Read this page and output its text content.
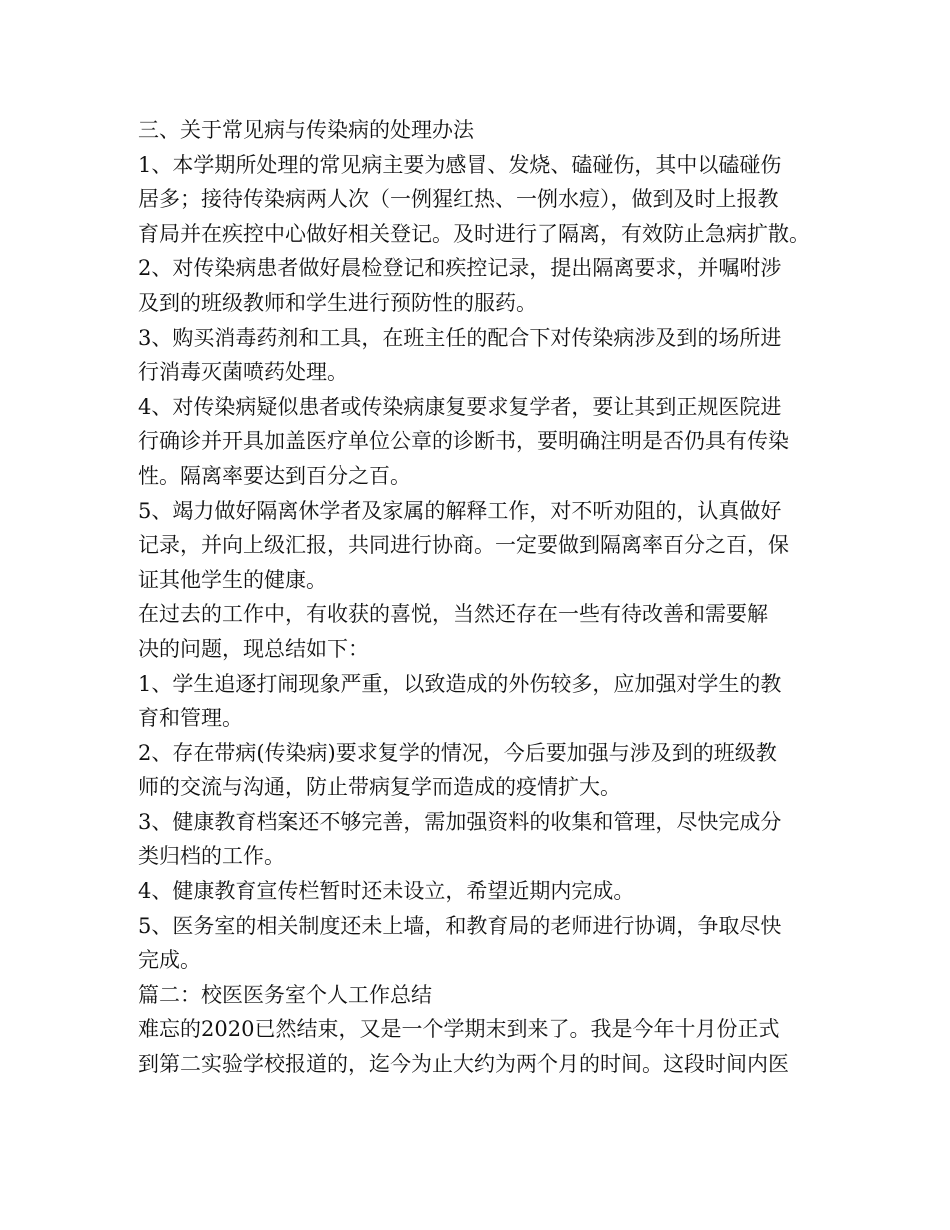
三、关于常见病与传染病的处理办法
1、本学期所处理的常见病主要为感冒、发烧、磕碰伤，其中以磕碰伤
居多；接待传染病两人次（一例猩红热、一例水痘），做到及时上报教
育局并在疾控中心做好相关登记。及时进行了隔离，有效防止急病扩散。
2、对传染病患者做好晨检登记和疾控记录，提出隔离要求，并嘱咐涉
及到的班级教师和学生进行预防性的服药。
3、购买消毒药剂和工具，在班主任的配合下对传染病涉及到的场所进
行消毒灭菌喷药处理。
4、对传染病疑似患者或传染病康复要求复学者，要让其到正规医院进
行确诊并开具加盖医疗单位公章的诊断书，要明确注明是否仍具有传染
性。隔离率要达到百分之百。
5、竭力做好隔离休学者及家属的解释工作，对不听劝阻的，认真做好
记录，并向上级汇报，共同进行协商。一定要做到隔离率百分之百，保
证其他学生的健康。
在过去的工作中，有收获的喜悦，当然还存在一些有待改善和需要解
决的问题，现总结如下：
1、学生追逐打闹现象严重，以致造成的外伤较多，应加强对学生的教
育和管理。
2、存在带病(传染病)要求复学的情况，今后要加强与涉及到的班级教
师的交流与沟通，防止带病复学而造成的疫情扩大。
3、健康教育档案还不够完善，需加强资料的收集和管理，尽快完成分
类归档的工作。
4、健康教育宣传栏暂时还未设立，希望近期内完成。
5、医务室的相关制度还未上墙，和教育局的老师进行协调，争取尽快
完成。
篇二：校医医务室个人工作总结
难忘的2020已然结束，又是一个学期末到来了。我是今年十月份正式
到第二实验学校报道的，迄今为止大约为两个月的时间。这段时间内医
